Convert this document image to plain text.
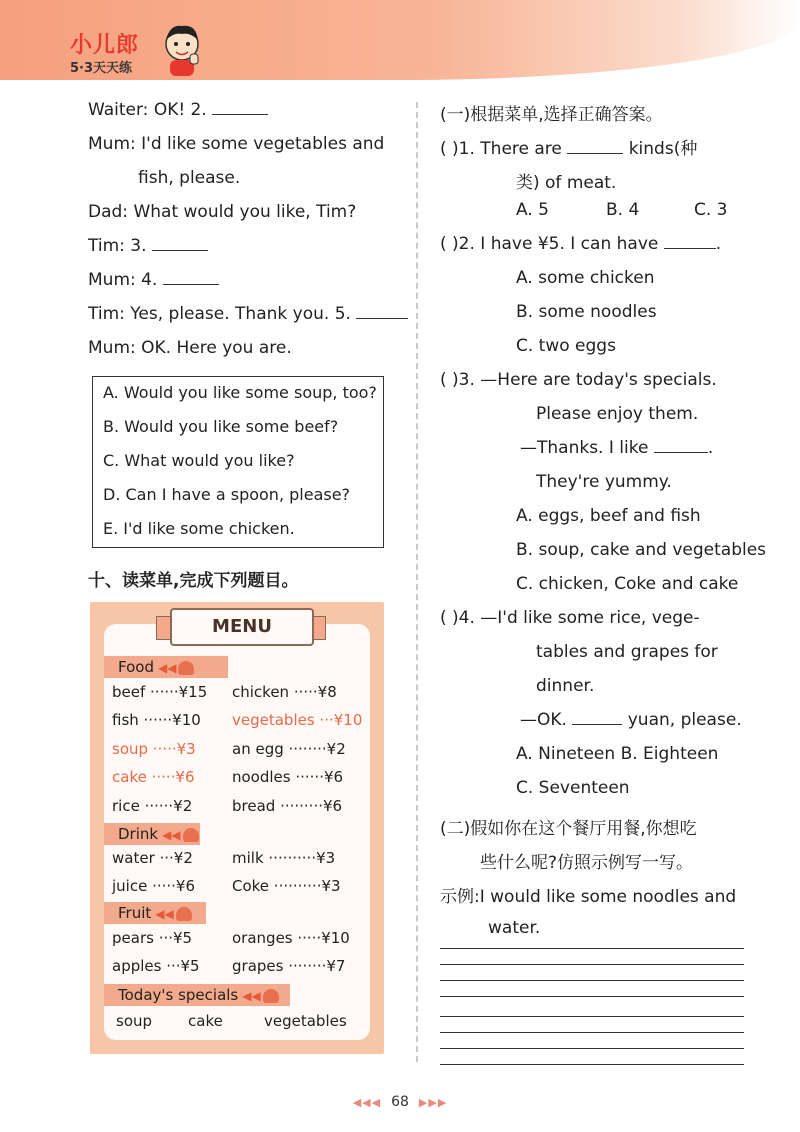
小儿郎
5·3天天练
Waiter: OK! 2.
Mum: I'd like some vegetables and
fish, please.
Dad: What would you like, Tim?
Tim: 3.
Mum: 4.
Tim: Yes, please. Thank you. 5.
Mum: OK. Here you are.
A. Would you like some soup, too?
B. Would you like some beef?
C. What would you like?
D. Can I have a spoon, please?
E. I'd like some chicken.
十、读菜单,完成下列题目。
MENU
Food ◀◀
beef ······¥15 chicken ·····¥8
fish ······¥10 vegetables ···¥10
soup ·····¥3 an egg ········¥2
cake ·····¥6 noodles ······¥6
rice ······¥2	bread ·········¥6
Drink ◀◀
water ···¥2	milk ··········¥3
juice ·····¥6 Coke ··········¥3
Fruit ◀◀
pears ···¥5	oranges ·····¥10
apples ···¥5 grapes ········¥7
Today's specials ◀◀
soup cake	vegetables
(一)根据菜单,选择正确答案。
( )1. There are	kinds(种
类) of meat.
A. 5	B. 4	C. 3
( )2. I have ¥5. I can have	.
A. some chicken
B. some noodles
C. two eggs
( )3. —Here are today's specials.
Please enjoy them.
—Thanks. I like	.
They're yummy.
A. eggs, beef and fish
B. soup, cake and vegetables
C. chicken, Coke and cake
( )4. —I'd like some rice, vege-
tables and grapes for
dinner.
—OK.	yuan, please.
A. Nineteen B. Eighteen
C. Seventeen
(二)假如你在这个餐厅用餐,你想吃
些什么呢?仿照示例写一写。
示例:I would like some noodles and
water.
◀◀◀ 68 ▶▶▶
